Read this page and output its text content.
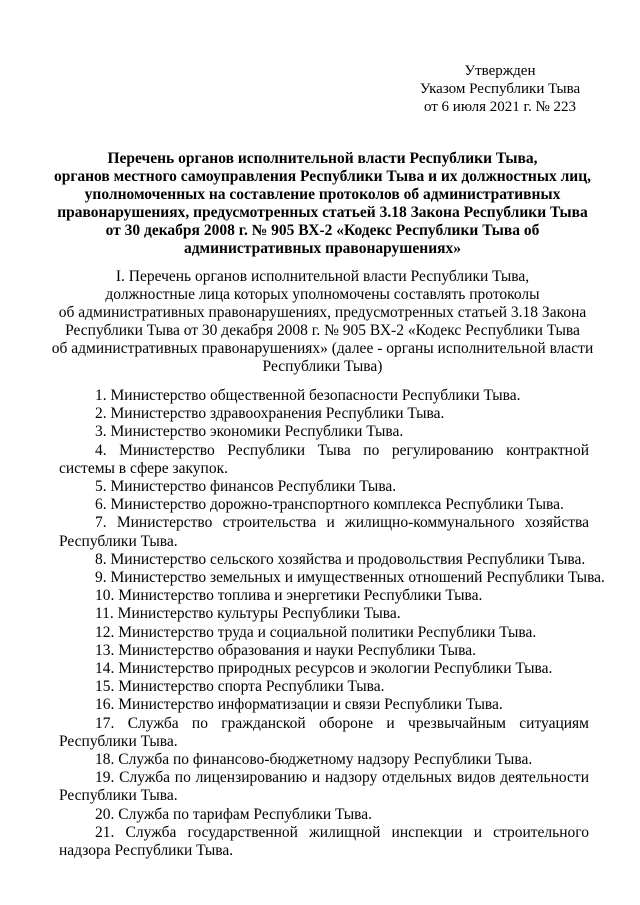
Утвержден
Указом Республики Тыва
от 6 июля 2021 г. № 223
Перечень органов исполнительной власти Республики Тыва,
органов местного самоуправления Республики Тыва и их должностных лиц,
уполномоченных на составление протоколов об административных
правонарушениях, предусмотренных статьей 3.18 Закона Республики Тыва
от 30 декабря 2008 г. № 905 ВХ-2 «Кодекс Республики Тыва об
административных правонарушениях»
I. Перечень органов исполнительной власти Республики Тыва,
должностные лица которых уполномочены составлять протоколы
об административных правонарушениях, предусмотренных статьей 3.18 Закона
Республики Тыва от 30 декабря 2008 г. № 905 ВХ-2 «Кодекс Республики Тыва
об административных правонарушениях» (далее - органы исполнительной власти
Республики Тыва)

1. Министерство общественной безопасности Республики Тыва.

2. Министерство здравоохранения Республики Тыва.

3. Министерство экономики Республики Тыва.

4. Министерство Республики Тыва по регулированию контрактной системы в сфере закупок.

5. Министерство финансов Республики Тыва.

6. Министерство дорожно-транспортного комплекса Республики Тыва.

7. Министерство строительства и жилищно-коммунального хозяйства Республики Тыва.

8. Министерство сельского хозяйства и продовольствия Республики Тыва.

9. Министерство земельных и имущественных отношений Республики Тыва.

10. Министерство топлива и энергетики Республики Тыва.

11. Министерство культуры Республики Тыва.

12. Министерство труда и социальной политики Республики Тыва.

13. Министерство образования и науки Республики Тыва.

14. Министерство природных ресурсов и экологии Республики Тыва.

15. Министерство спорта Республики Тыва.

16. Министерство информатизации и связи Республики Тыва.

17. Служба по гражданской обороне и чрезвычайным ситуациям Республики Тыва.

18. Служба по финансово-бюджетному надзору Республики Тыва.

19. Служба по лицензированию и надзору отдельных видов деятельности Республики Тыва.

20. Служба по тарифам Республики Тыва.

21. Служба государственной жилищной инспекции и строительного надзора Республики Тыва.
